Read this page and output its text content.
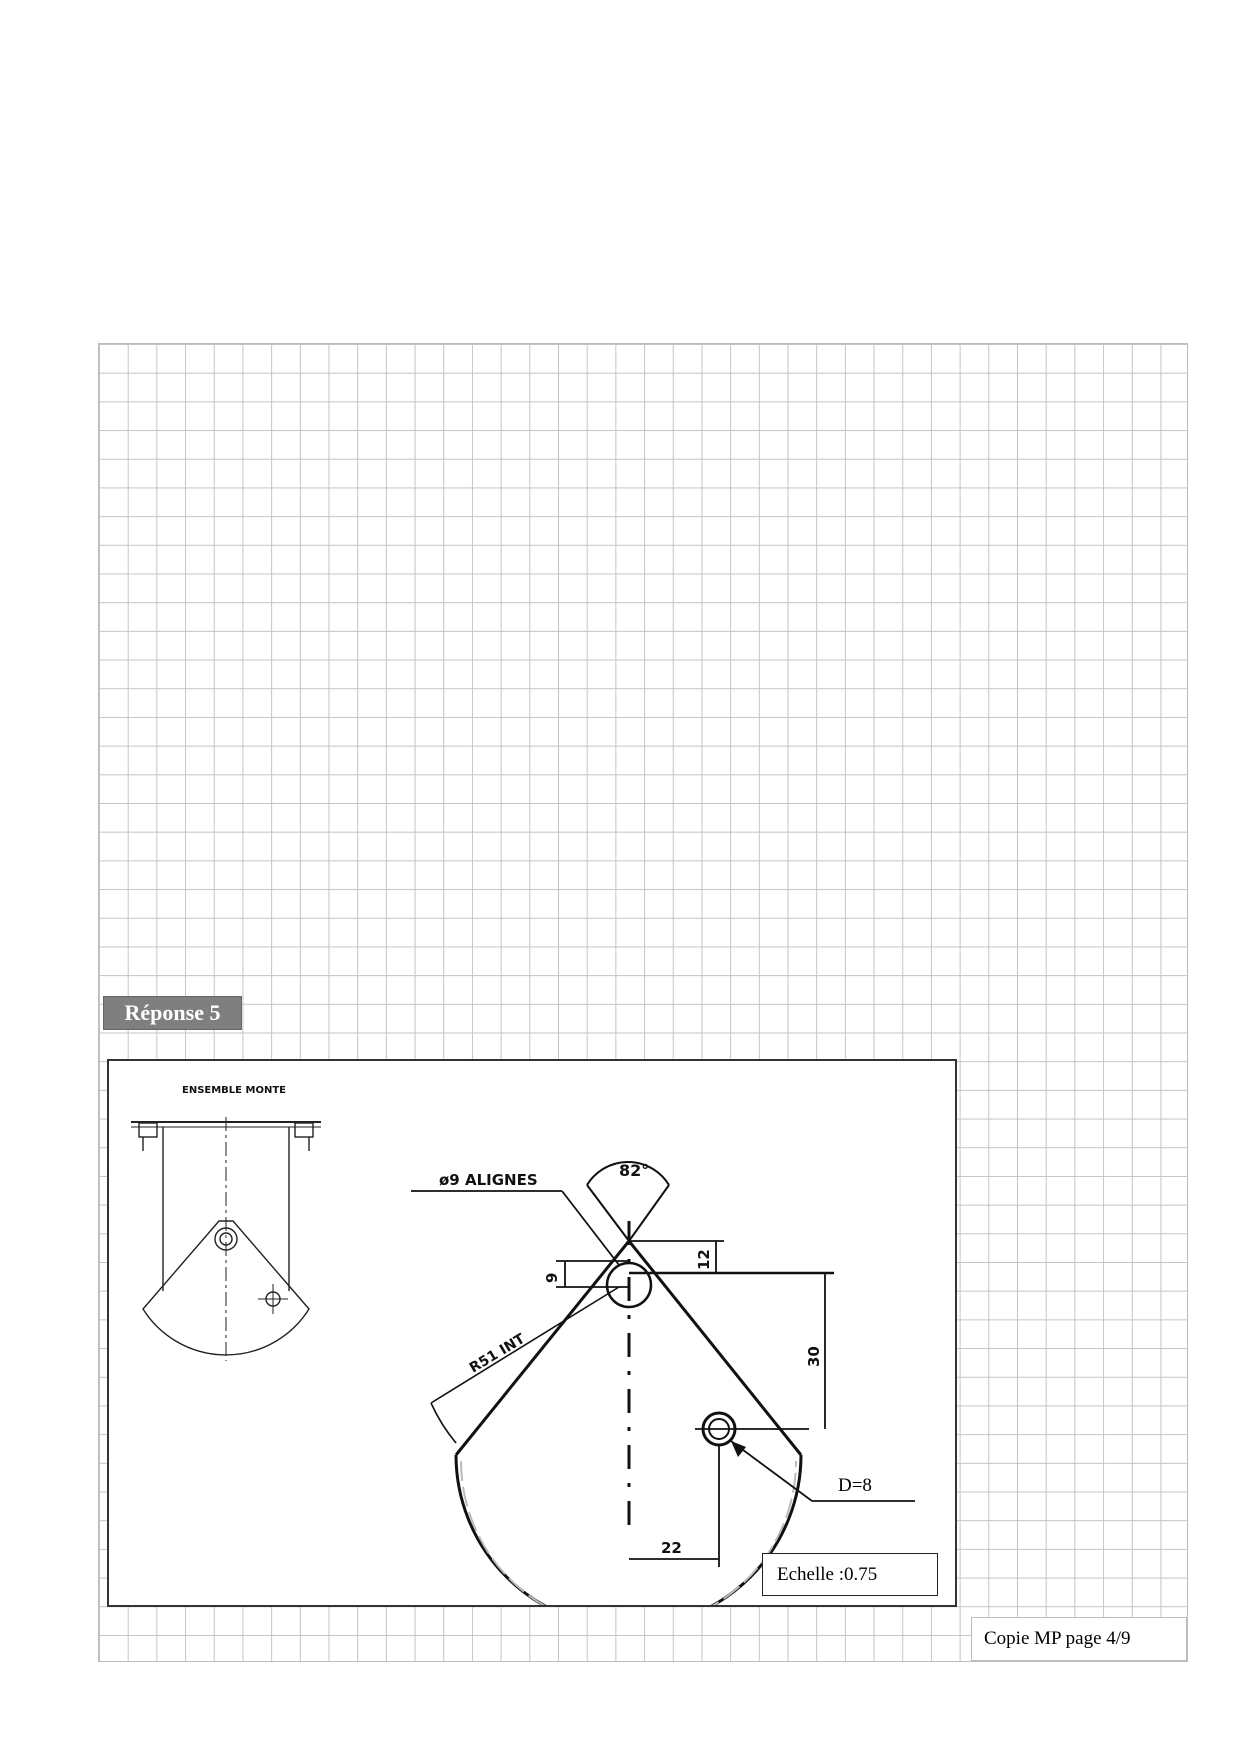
Réponse 5
ENSEMBLE MONTE
82°
9
12
30
ø9 ALIGNES
R51 INT
22
D=8
Echelle :0.75
Copie MP page 4/9
